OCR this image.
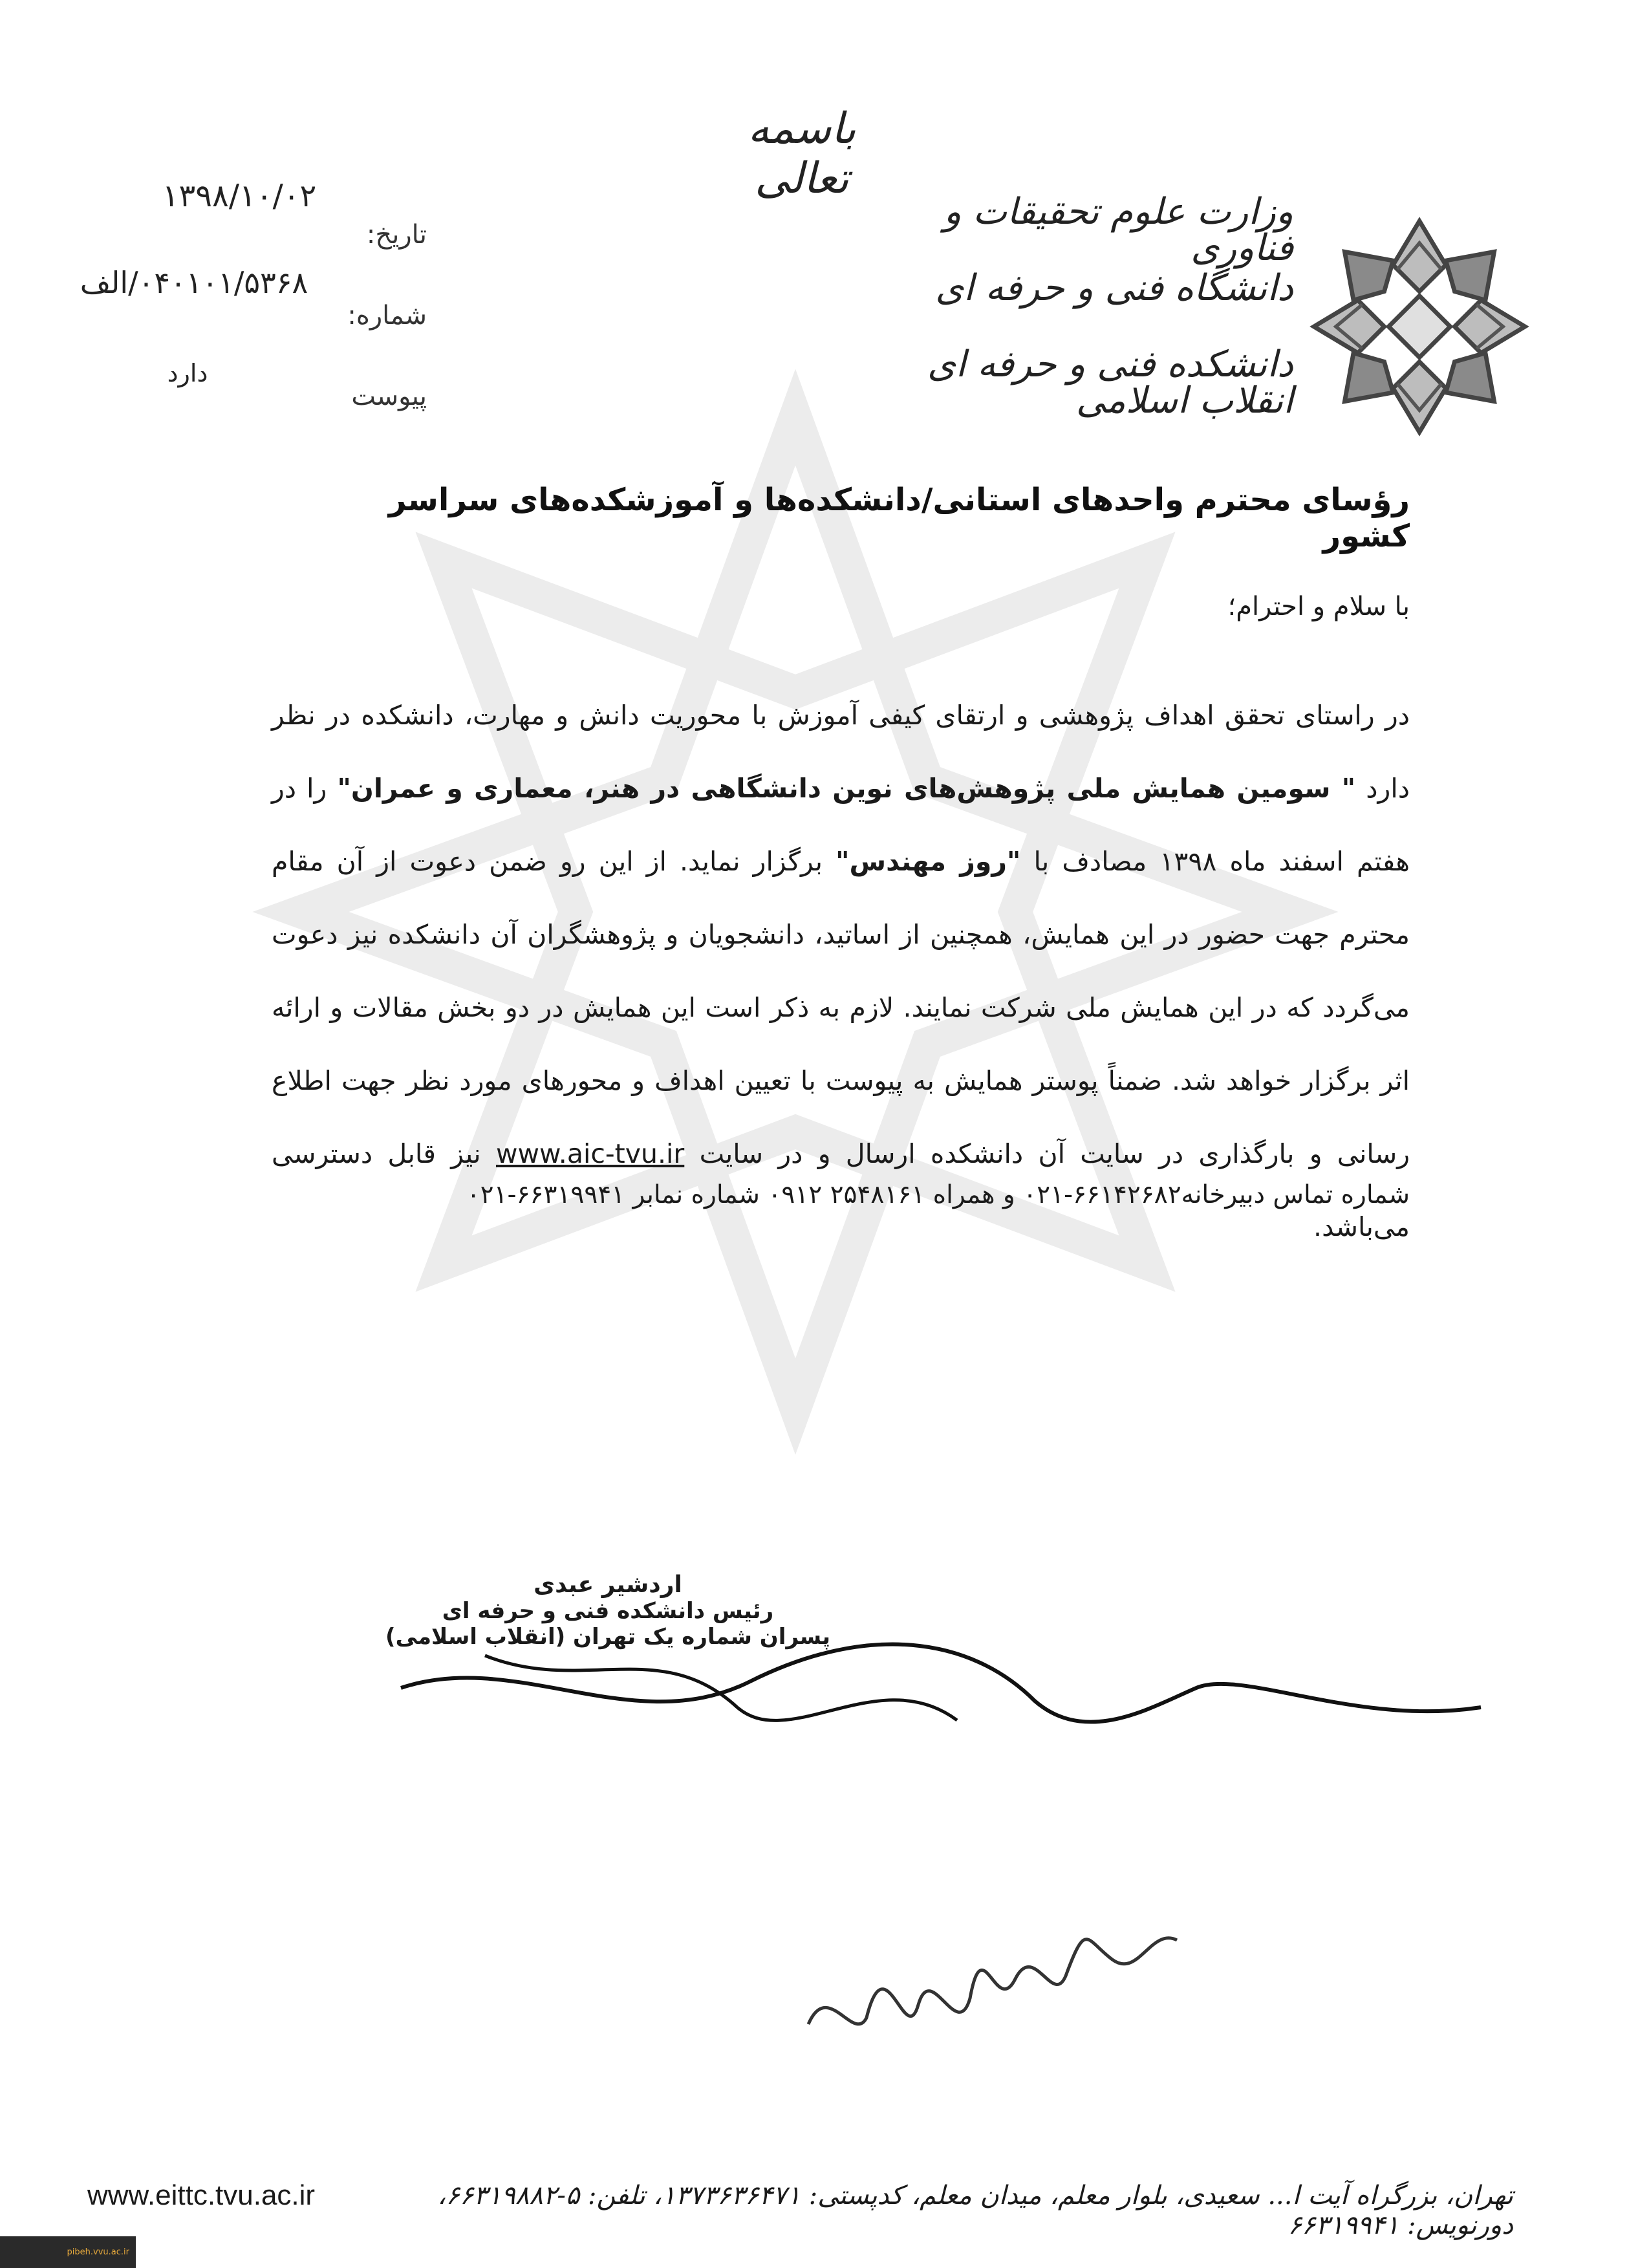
باسمه تعالی
وزارت علوم تحقیقات و فناوری
دانشگاه فنی و حرفه ای
دانشکده فنی و حرفه ای انقلاب اسلامی
تاریخ:
شماره:
پیوست
۱۳۹۸/۱۰/۰۲
۰۴۰۱۰۱/۵۳۶۸/الف
دارد
رؤسای محترم واحدهای استانی/دانشکده‌ها و آموزشکده‌های سراسر کشور
با سلام و احترام؛
در راستای تحقق اهداف پژوهشی و ارتقای کیفی آموزش با محوریت دانش و مهارت، دانشکده در نظر دارد " سومین همایش ملی پژوهش‌های نوین دانشگاهی در هنر، معماری و عمران" را در هفتم اسفند ماه ۱۳۹۸ مصادف با "روز مهندس" برگزار نماید. از این رو ضمن دعوت از آن مقام محترم جهت حضور در این همایش، همچنین از اساتید، دانشجویان و پژوهشگران آن دانشکده نیز دعوت می‌گردد که در این همایش ملی شرکت نمایند. لازم به ذکر است این همایش در دو بخش مقالات و ارائه اثر برگزار خواهد شد. ضمناً پوستر همایش به پیوست با تعیین اهداف و محورهای مورد نظر جهت اطلاع رسانی و بارگذاری در سایت آن دانشکده ارسال و در سایت www.aic-tvu.ir نیز قابل دسترسی می‌باشد.
شماره تماس دبیرخانه۶۶۱۴۲۶۸۲-۰۲۱ و همراه ۲۵۴۸۱۶۱ ۰۹۱۲ شماره نمابر ۶۶۳۱۹۹۴۱-۰۲۱
اردشیر عبدی
رئیس دانشکده فنی و حرفه ای
پسران شماره یک تهران (انقلاب اسلامی)
www.eittc.tvu.ac.ir	تهران، بزرگراه آیت ا... سعیدی، بلوار معلم، میدان معلم، کدپستی: ۱۳۷۳۶۳۶۴۷۱، تلفن: ۵-۶۶۳۱۹۸۸۲، دورنویس: ۶۶۳۱۹۹۴۱
pibeh.vvu.ac.ir
